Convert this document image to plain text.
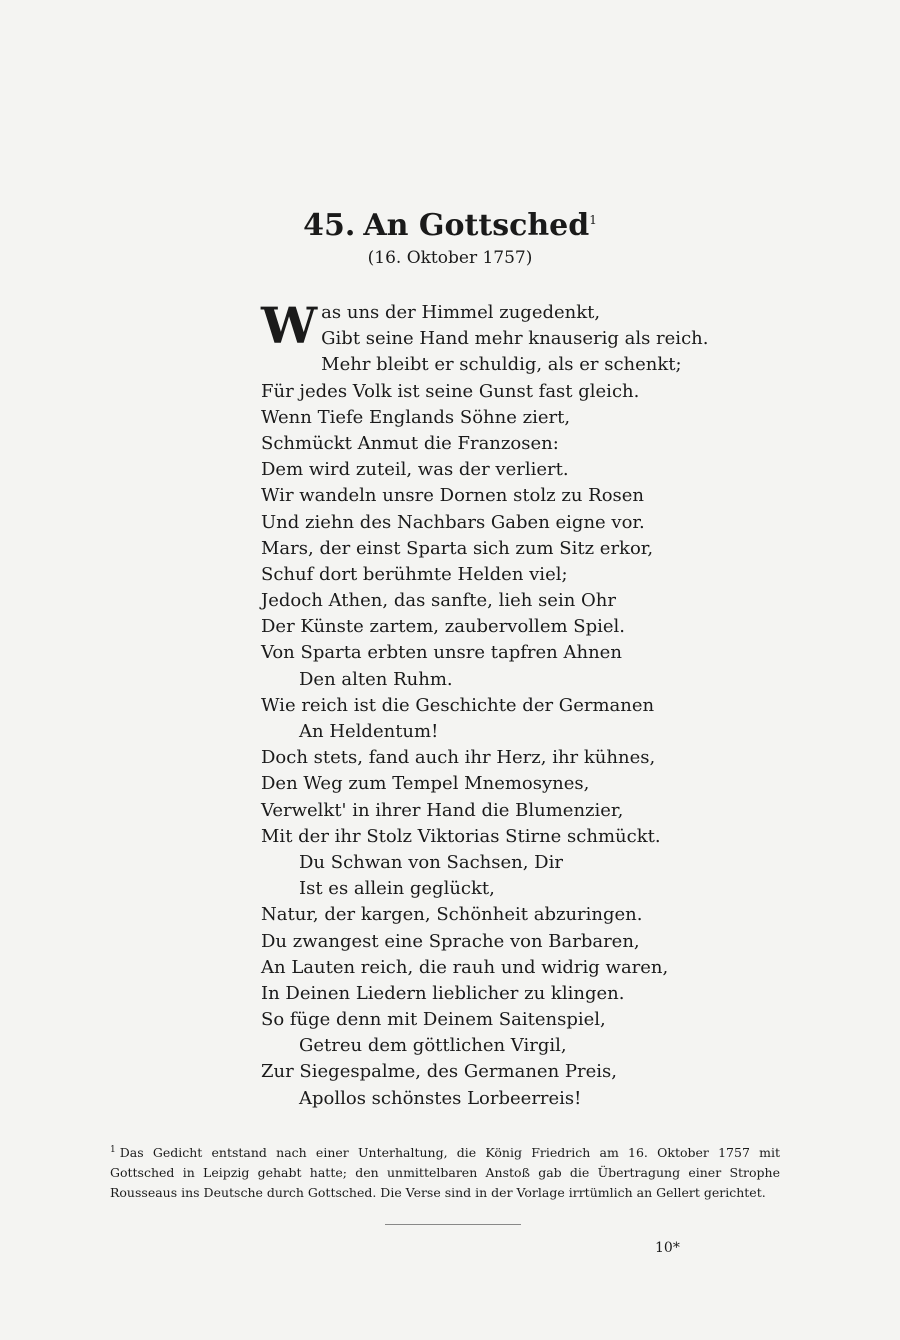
45. An Gottsched$^1$
(16. Oktober 1757)
W as uns der Himmel zugedenkt,
Gibt seine Hand mehr knauserig als reich.
Mehr bleibt er schuldig, als er schenkt;
Für jedes Volk ist seine Gunst fast gleich.
Wenn Tiefe Englands Söhne ziert,
Schmückt Anmut die Franzosen:
Dem wird zuteil, was der verliert.
Wir wandeln unsre Dornen stolz zu Rosen
Und ziehn des Nachbars Gaben eigne vor.
Mars, der einst Sparta sich zum Sitz erkor,
Schuf dort berühmte Helden viel;
Jedoch Athen, das sanfte, lieh sein Ohr
Der Künste zartem, zaubervollem Spiel.
Von Sparta erbten unsre tapfren Ahnen
Den alten Ruhm.
Wie reich ist die Geschichte der Germanen
An Heldentum!
Doch stets, fand auch ihr Herz, ihr kühnes,
Den Weg zum Tempel Mnemosynes,
Verwelkt' in ihrer Hand die Blumenzier,
Mit der ihr Stolz Viktorias Stirne schmückt.
Du Schwan von Sachsen, Dir
Ist es allein geglückt,
Natur, der kargen, Schönheit abzuringen.
Du zwangest eine Sprache von Barbaren,
An Lauten reich, die rauh und widrig waren,
In Deinen Liedern lieblicher zu klingen.
So füge denn mit Deinem Saitenspiel,
Getreu dem göttlichen Virgil,
Zur Siegespalme, des Germanen Preis,
Apollos schönstes Lorbeerreis!
$^1$ Das Gedicht entstand nach einer Unterhaltung, die König Friedrich am 16. Oktober 1757 mit Gottsched in Leipzig gehabt hatte; den unmittelbaren Anstoß gab die Übertragung einer Strophe Rousseaus ins Deutsche durch Gottsched. Die Verse sind in der Vorlage irrtümlich an Gellert gerichtet.
10*
